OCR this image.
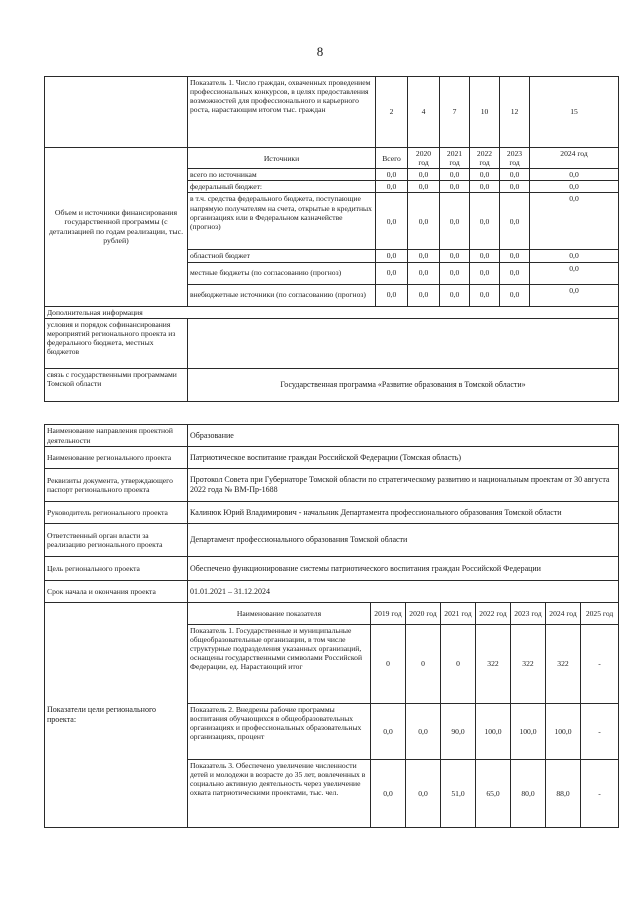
8
	Показатель 1. Число граждан, охваченных проведением профессиональных конкурсов, в целях предоставления возможностей для профессионального и карьерного роста, нарастающим итогом тыс. граждан	2	4	7	10	12	15
Объем и источники финансирования государственной программы (с детализацией по годам реализации, тыс. рублей)	Источники	Всего	2020 год	2021 год	2022 год	2023 год	2024 год
	всего по источникам	0,0	0,0	0,0	0,0	0,0	0,0
	федеральный бюджет:	0,0	0,0	0,0	0,0	0,0	0,0
	в т.ч. средства федерального бюджета, поступающие напрямую получателям на счета, открытые в кредитных организациях или в Федеральном казначействе (прогноз)	0,0	0,0	0,0	0,0	0,0	0,0
	областной бюджет	0,0	0,0	0,0	0,0	0,0	0,0
	местные бюджеты (по согласованию (прогноз)	0,0	0,0	0,0	0,0	0,0	0,0
	внебюджетные источники (по согласованию (прогноз)	0,0	0,0	0,0	0,0	0,0	0,0
Дополнительная информация							
условия и порядок софинансирования мероприятий регионального проекта из федерального бюджета, местных бюджетов							
связь с государственными программами Томской области	Государственная программа «Развитие образования в Томской области»						
Наименование направления проектной деятельности	Образование							
Наименование регионального проекта	Патриотическое воспитание граждан Российской Федерации (Томская область)							
Реквизиты документа, утверждающего паспорт регионального проекта	Протокол Совета при Губернаторе Томской области по стратегическому развитию и национальным проектам от 30 августа 2022 года № ВМ-Пр-1688							
Руководитель регионального проекта	Калинюк Юрий Владимирович - начальник Департамента профессионального образования Томской области							
Ответственный орган власти за реализацию регионального проекта	Департамент профессионального образования Томской области							
Цель регионального проекта	Обеспечено функционирование системы патриотического воспитания граждан Российской Федерации							
Срок начала и окончания проекта	01.01.2021 – 31.12.2024							
Показатели цели регионального проекта:	Наименование показателя	2019 год	2020 год	2021 год	2022 год	2023 год	2024 год	2025 год
	Показатель 1. Государственные и муниципальные общеобразовательные организации, в том числе структурные подразделения указанных организаций, оснащены государственными символами Российской Федерации, ед. Нарастающий итог	0	0	0	322	322	322	-
	Показатель 2. Внедрены рабочие программы воспитания обучающихся в общеобразовательных организациях и профессиональных образовательных организациях, процент	0,0	0,0	90,0	100,0	100,0	100,0	-
	Показатель 3. Обеспечено увеличение численности детей и молодежи в возрасте до 35 лет, вовлеченных в социально активную деятельность через увеличение охвата патриотическими проектами, тыс. чел.	0,0	0,0	51,0	65,0	80,0	88,0	-
